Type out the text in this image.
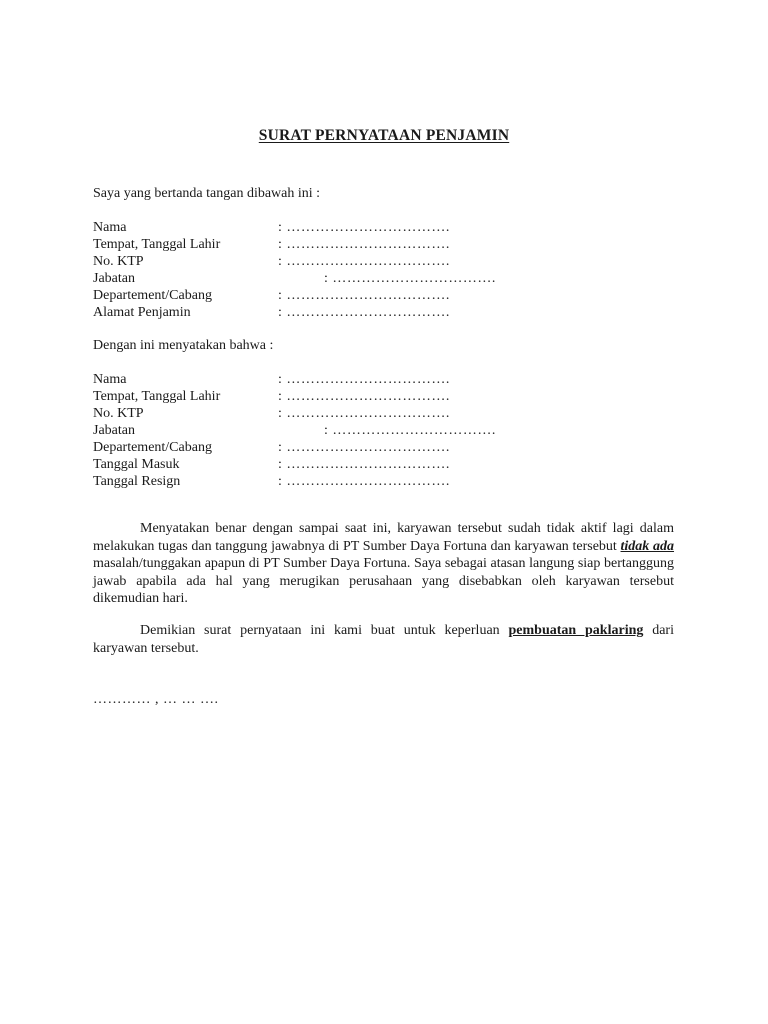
SURAT PERNYATAAN PENJAMIN
Saya yang bertanda tangan dibawah ini :
Nama	: …………………………….
Tempat, Tanggal Lahir	: …………………………….
No. KTP	: …………………………….
Jabatan	: …………………………….
Departement/Cabang	: …………………………….
Alamat Penjamin	: …………………………….
Dengan ini menyatakan bahwa :
Nama	: …………………………….
Tempat, Tanggal Lahir	: …………………………….
No. KTP	: …………………………….
Jabatan	: …………………………….
Departement/Cabang	: …………………………….
Tanggal Masuk	: …………………………….
Tanggal Resign	: …………………………….
Menyatakan benar dengan sampai saat ini, karyawan tersebut sudah tidak aktif lagi dalam melakukan tugas dan tanggung jawabnya di PT Sumber Daya Fortuna dan karyawan tersebut tidak ada masalah/tunggakan apapun di PT Sumber Daya Fortuna. Saya sebagai atasan langung siap bertanggung jawab apabila ada hal yang merugikan perusahaan yang disebabkan oleh karyawan tersebut dikemudian hari.
Demikian surat pernyataan ini kami buat untuk keperluan pembuatan paklaring dari karyawan tersebut.
………… , … … ….
